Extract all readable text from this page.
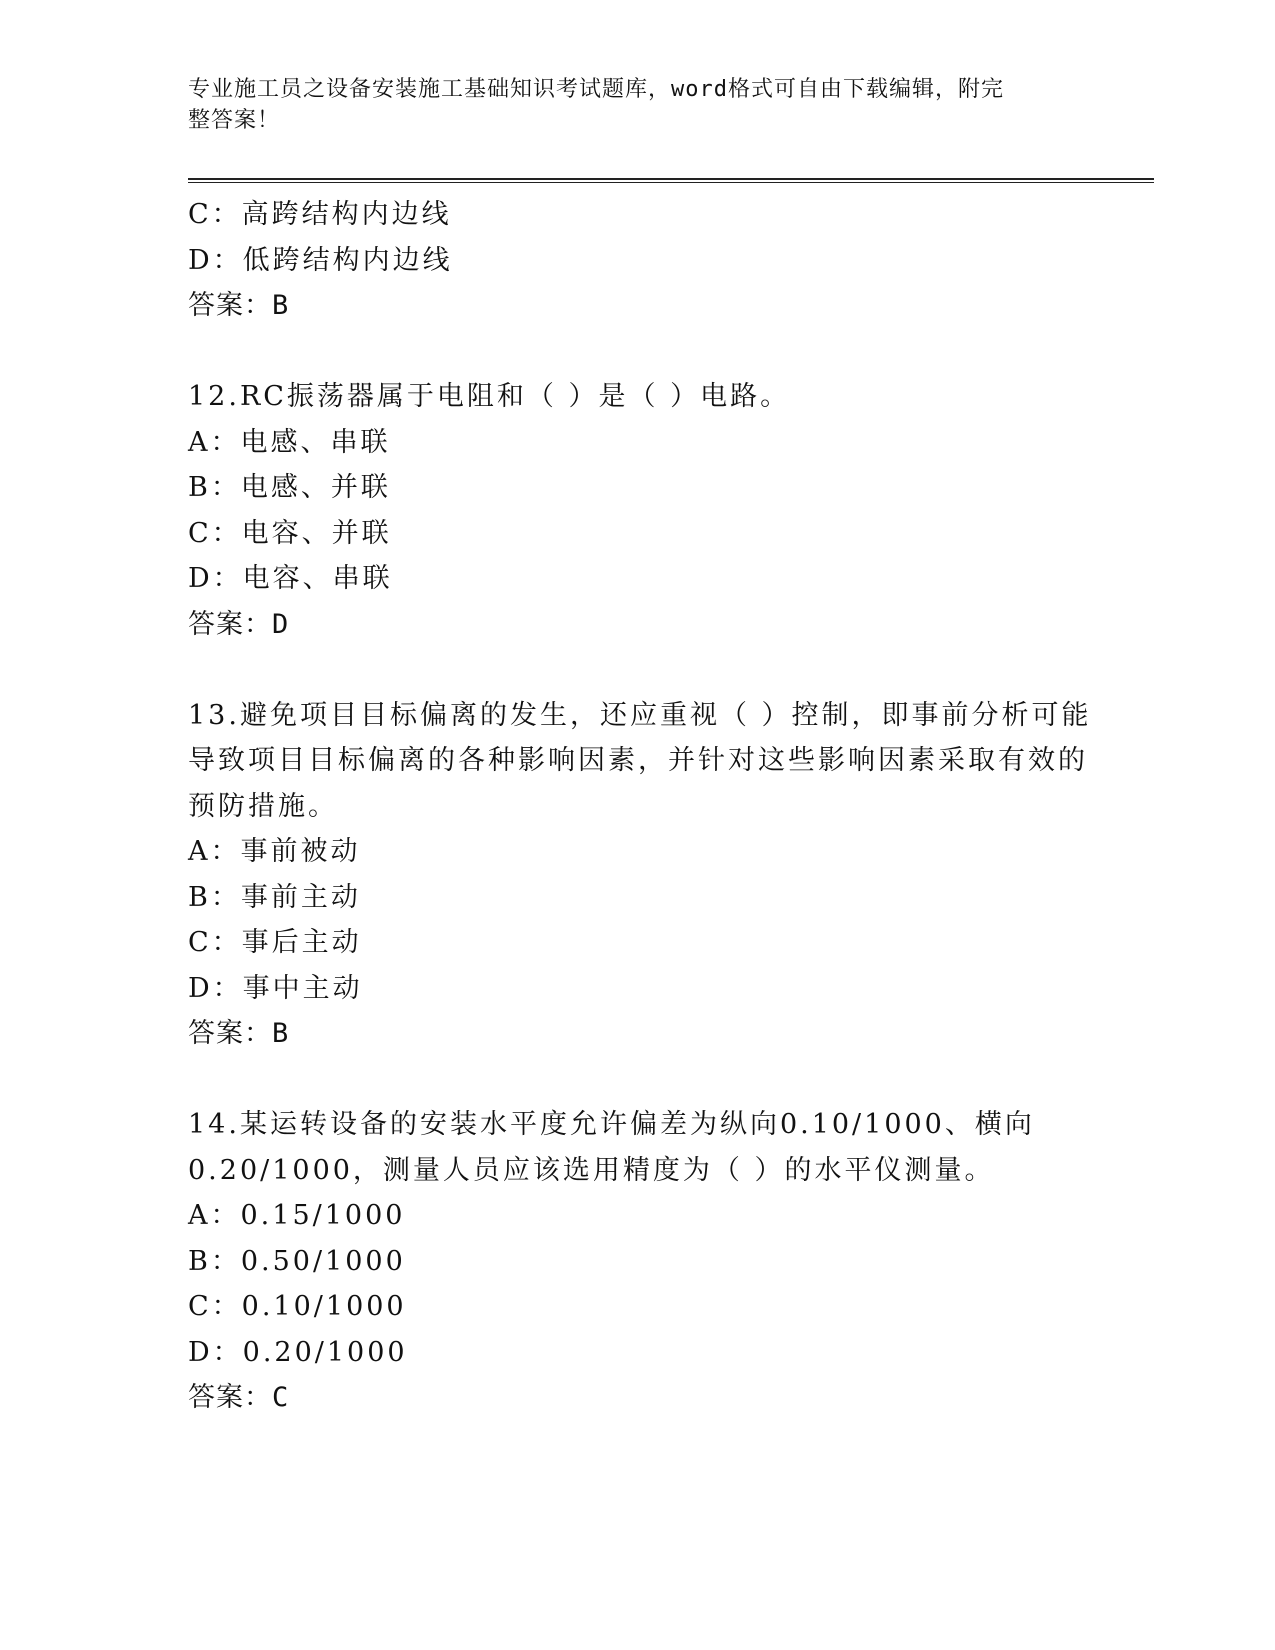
专业施工员之设备安装施工基础知识考试题库，word格式可自由下载编辑，附完
整答案！
C：高跨结构内边线
D：低跨结构内边线
答案：B
12.RC振荡器属于电阻和（ ）是（ ）电路。
A：电感、串联
B：电感、并联
C：电容、并联
D：电容、串联
答案：D
13.避免项目目标偏离的发生，还应重视（ ）控制，即事前分析可能
导致项目目标偏离的各种影响因素，并针对这些影响因素采取有效的
预防措施。
A：事前被动
B：事前主动
C：事后主动
D：事中主动
答案：B
14.某运转设备的安装水平度允许偏差为纵向0.10/1000、横向
0.20/1000，测量人员应该选用精度为（ ）的水平仪测量。
A：0.15/1000
B：0.50/1000
C：0.10/1000
D：0.20/1000
答案：C
